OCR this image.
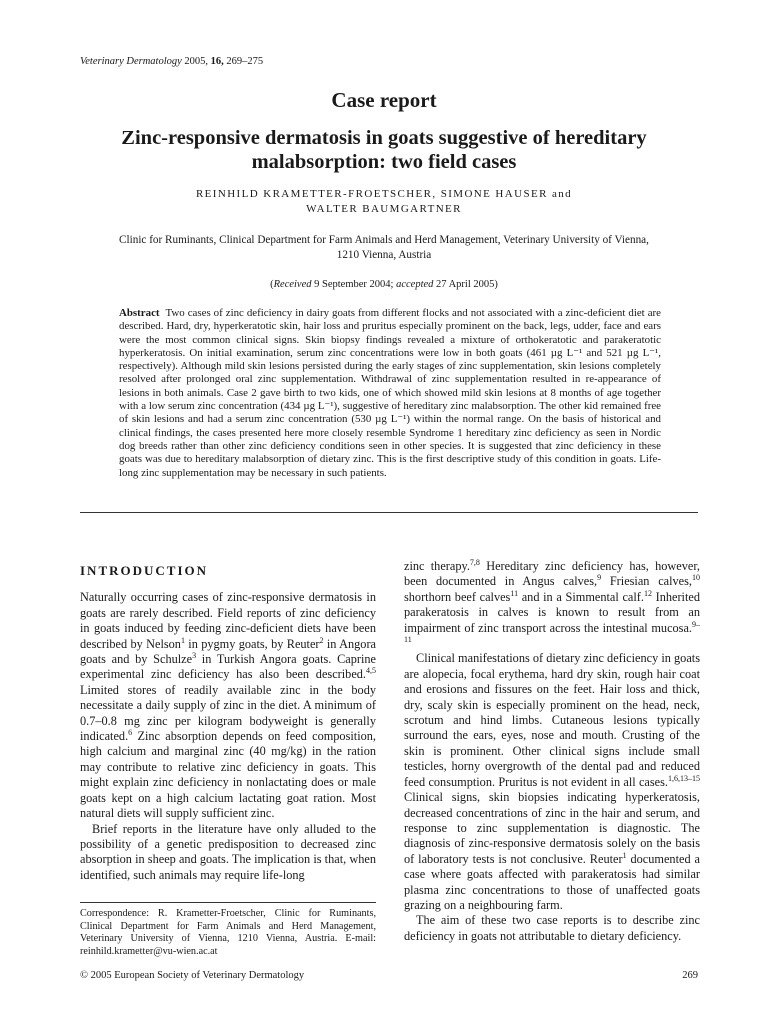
Veterinary Dermatology 2005, 16, 269–275
Case report
Zinc-responsive dermatosis in goats suggestive of hereditary malabsorption: two field cases
REINHILD KRAMETTER-FROETSCHER, SIMONE HAUSER and
WALTER BAUMGARTNER
Clinic for Ruminants, Clinical Department for Farm Animals and Herd Management, Veterinary University of Vienna, 1210 Vienna, Austria
(Received 9 September 2004; accepted 27 April 2005)
Abstract Two cases of zinc deficiency in dairy goats from different flocks and not associated with a zinc-deficient diet are described. Hard, dry, hyperkeratotic skin, hair loss and pruritus especially prominent on the back, legs, udder, face and ears were the most common clinical signs. Skin biopsy findings revealed a mixture of orthokeratotic and parakeratotic hyperkeratosis. On initial examination, serum zinc concentrations were low in both goats (461 µg L⁻¹ and 521 µg L⁻¹, respectively). Although mild skin lesions persisted during the early stages of zinc supplementation, skin lesions completely resolved after prolonged oral zinc supplementation. Withdrawal of zinc supplementation resulted in re-appearance of lesions in both animals. Case 2 gave birth to two kids, one of which showed mild skin lesions at 8 months of age together with a low serum zinc concentration (434 µg L⁻¹), suggestive of hereditary zinc malabsorption. The other kid remained free of skin lesions and had a serum zinc concentration (530 µg L⁻¹) within the normal range. On the basis of historical and clinical findings, the cases presented here more closely resemble Syndrome 1 hereditary zinc deficiency as seen in Nordic dog breeds rather than other zinc deficiency conditions seen in other species. It is suggested that zinc deficiency in these goats was due to hereditary malabsorption of dietary zinc. This is the first descriptive study of this condition in goats. Life-long zinc supplementation may be necessary in such patients.
INTRODUCTION

Naturally occurring cases of zinc-responsive dermatosis in goats are rarely described. Field reports of zinc deficiency in goats induced by feeding zinc-deficient diets have been described by Nelson$^1$ in pygmy goats, by Reuter$^2$ in Angora goats and by Schulze$^3$ in Turkish Angora goats. Caprine experimental zinc deficiency has also been described.$^{4,5}$ Limited stores of readily available zinc in the body necessitate a daily supply of zinc in the diet. A minimum of 0.7–0.8 mg zinc per kilogram bodyweight is generally indicated.$^6$ Zinc absorption depends on feed composition, high calcium and marginal zinc (40 mg/kg) in the ration may contribute to relative zinc deficiency in goats. This might explain zinc deficiency in nonlactating does or male goats kept on a high calcium lactating goat ration. Most natural diets will supply sufficient zinc.

Brief reports in the literature have only alluded to the possibility of a genetic predisposition to decreased zinc absorption in sheep and goats. The implication is that, when identified, such animals may require life-long

Correspondence: R. Krametter-Froetscher, Clinic for Ruminants, Clinical Department for Farm Animals and Herd Management, Veterinary University of Vienna, 1210 Vienna, Austria. E-mail: reinhild.krametter@vu-wien.ac.at

zinc therapy.$^{7,8}$ Hereditary zinc deficiency has, however, been documented in Angus calves,$^9$ Friesian calves,$^{10}$ shorthorn beef calves$^{11}$ and in a Simmental calf.$^{12}$ Inherited parakeratosis in calves is known to result from an impairment of zinc transport across the intestinal mucosa.$^{9-11}$

Clinical manifestations of dietary zinc deficiency in goats are alopecia, focal erythema, hard dry skin, rough hair coat and erosions and fissures on the feet. Hair loss and thick, dry, scaly skin is especially prominent on the head, neck, scrotum and hind limbs. Cutaneous lesions typically surround the ears, eyes, nose and mouth. Crusting of the skin is prominent. Other clinical signs include small testicles, horny overgrowth of the dental pad and reduced feed consumption. Pruritus is not evident in all cases.$^{1,6,13-15}$ Clinical signs, skin biopsies indicating hyperkeratosis, decreased concentrations of zinc in the hair and serum, and response to zinc supplementation is diagnostic. The diagnosis of zinc-responsive dermatosis solely on the basis of laboratory tests is not conclusive. Reuter$^1$ documented a case where goats affected with parakeratosis had similar plasma zinc concentrations to those of unaffected goats grazing on a neighbouring farm.

The aim of these two case reports is to describe zinc deficiency in goats not attributable to dietary deficiency.

© 2005 European Society of Veterinary Dermatology	269
